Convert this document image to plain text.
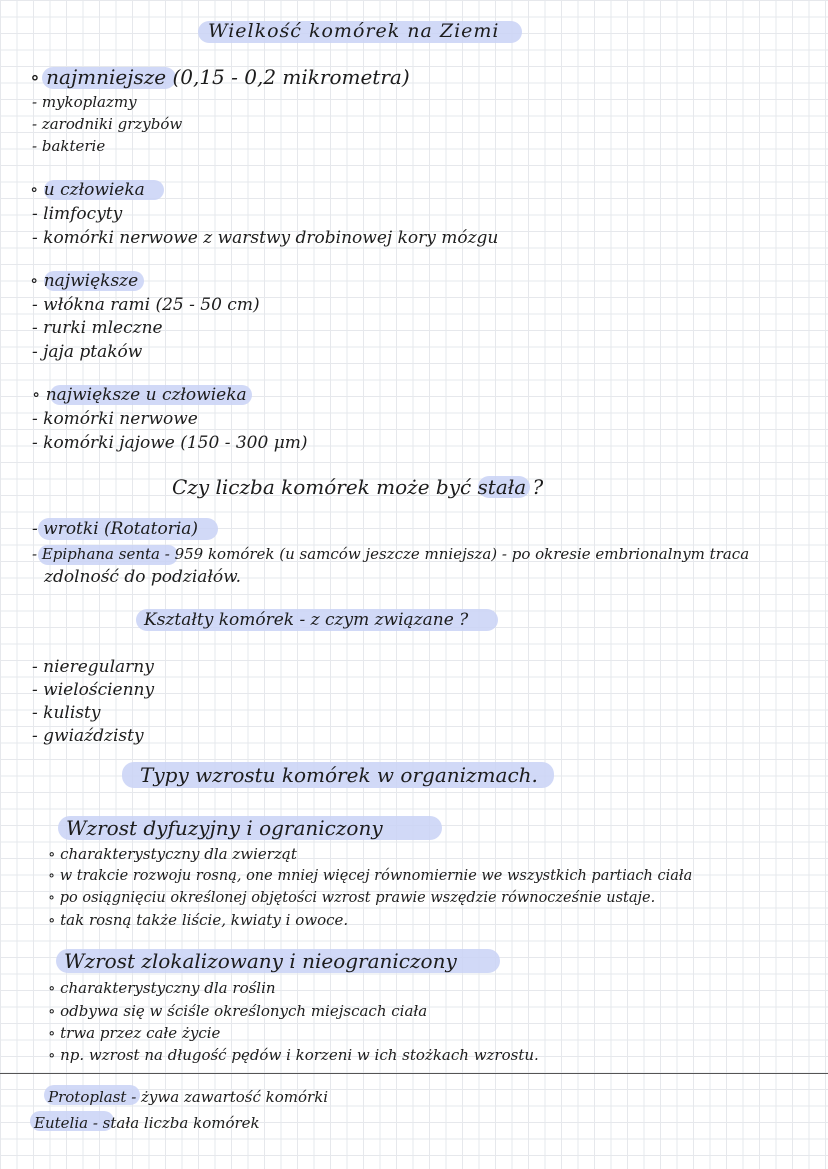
Wielkość komórek na Ziemi
∘ najmniejsze (0,15 - 0,2 mikrometra)
- mykoplazmy
- zarodniki grzybów
- bakterie
∘ u człowieka
- limfocyty
- komórki nerwowe z warstwy drobinowej kory mózgu
∘ największe
- włókna rami (25 - 50 cm)
- rurki mleczne
- jaja ptaków
∘ największe u człowieka
- komórki nerwowe
- komórki jajowe (150 - 300 μm)
Czy liczba komórek może być stała ?
- wrotki (Rotatoria)
- Epiphana senta - 959 komórek (u samców jeszcze mniejsza) - po okresie embrionalnym traca
zdolność do podziałów.
Kształty komórek - z czym związane ?
- nieregularny
- wielościenny
- kulisty
- gwiaździsty
Typy wzrostu komórek w organizmach.
Wzrost dyfuzyjny i ograniczony
∘ charakterystyczny dla zwierząt
∘ w trakcie rozwoju rosną, one mniej więcej równomiernie we wszystkich partiach ciała
∘ po osiągnięciu określonej objętości wzrost prawie wszędzie równocześnie ustaje.
∘ tak rosną także liście, kwiaty i owoce.
Wzrost zlokalizowany i nieograniczony
∘ charakterystyczny dla roślin
∘ odbywa się w ściśle określonych miejscach ciała
∘ trwa przez całe życie
∘ np. wzrost na długość pędów i korzeni w ich stożkach wzrostu.
Protoplast - żywa zawartość komórki
Eutelia - stała liczba komórek
